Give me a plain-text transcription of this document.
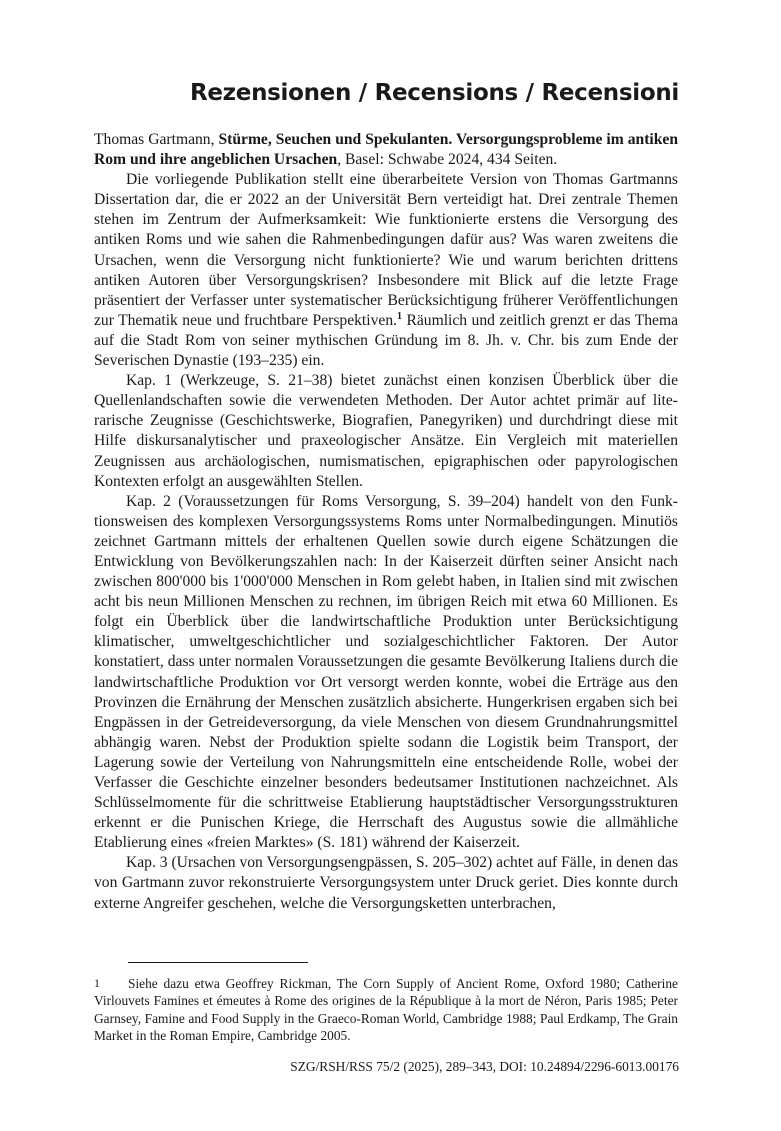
Rezensionen / Recensions / Recensioni

Thomas Gartmann, Stürme, Seuchen und Spekulanten. Versorgungsprobleme im antiken Rom und ihre angeblichen Ursachen, Basel: Schwabe 2024, 434 Seiten.

Die vorliegende Publikation stellt eine überarbeitete Version von Thomas Gartmanns Dissertation dar, die er 2022 an der Universität Bern verteidigt hat. Drei zentrale Themen stehen im Zentrum der Aufmerksamkeit: Wie funktionierte erstens die Versorgung des antiken Roms und wie sahen die Rahmenbedingungen dafür aus? Was waren zweitens die Ursachen, wenn die Versorgung nicht funktionierte? Wie und warum berichten drittens antiken Autoren über Versorgungskrisen? Insbesondere mit Blick auf die letzte Frage präsentiert der Verfasser unter systematischer Berücksichtigung früherer Veröffentlichungen zur Thematik neue und fruchtbare Perspektiven.$^1$ Räumlich und zeitlich grenzt er das Thema auf die Stadt Rom von seiner mythischen Gründung im 8. Jh. v. Chr. bis zum Ende der Severischen Dynastie (193–235) ein.

Kap. 1 (Werkzeuge, S. 21–38) bietet zunächst einen konzisen Überblick über die Quellenlandschaften sowie die verwendeten Methoden. Der Autor achtet primär auf literarische Zeugnisse (Geschichtswerke, Biografien, Panegyriken) und durchdringt diese mit Hilfe diskursanalytischer und praxeologischer Ansätze. Ein Vergleich mit materiellen Zeugnissen aus archäologischen, numismatischen, epigraphischen oder papyrologischen Kontexten erfolgt an ausgewählten Stellen.

Kap. 2 (Voraussetzungen für Roms Versorgung, S. 39–204) handelt von den Funktionsweisen des komplexen Versorgungssystems Roms unter Normalbedingungen. Minutiös zeichnet Gartmann mittels der erhaltenen Quellen sowie durch eigene Schätzungen die Entwicklung von Bevölkerungszahlen nach: In der Kaiserzeit dürften seiner Ansicht nach zwischen 800'000 bis 1'000'000 Menschen in Rom gelebt haben, in Italien sind mit zwischen acht bis neun Millionen Menschen zu rechnen, im übrigen Reich mit etwa 60 Millionen. Es folgt ein Überblick über die landwirtschaftliche Produktion unter Berücksichtigung klimatischer, umweltgeschichtlicher und sozialgeschichtlicher Faktoren. Der Autor konstatiert, dass unter normalen Voraussetzungen die gesamte Bevölkerung Italiens durch die landwirtschaftliche Produktion vor Ort versorgt werden konnte, wobei die Erträge aus den Provinzen die Ernährung der Menschen zusätzlich absicherte. Hungerkrisen ergaben sich bei Engpässen in der Getreideversorgung, da viele Menschen von diesem Grundnahrungsmittel abhängig waren. Nebst der Produktion spielte sodann die Logistik beim Transport, der Lagerung sowie der Verteilung von Nahrungsmitteln eine entscheidende Rolle, wobei der Verfasser die Geschichte einzelner besonders bedeutsamer Institutionen nachzeichnet. Als Schlüsselmomente für die schrittweise Etablierung hauptstädtischer Versorgungsstrukturen erkennt er die Punischen Kriege, die Herrschaft des Augustus sowie die allmähliche Etablierung eines «freien Marktes» (S. 181) während der Kaiserzeit.

Kap. 3 (Ursachen von Versorgungsengpässen, S. 205–302) achtet auf Fälle, in denen das von Gartmann zuvor rekonstruierte Versorgungsystem unter Druck geriet. Dies konnte durch externe Angreifer geschehen, welche die Versorgungsketten unterbrachen,

1	Siehe dazu etwa Geoffrey Rickman, The Corn Supply of Ancient Rome, Oxford 1980; Catherine Virlouvets Famines et émeutes à Rome des origines de la République à la mort de Néron, Paris 1985; Peter Garnsey, Famine and Food Supply in the Graeco-Roman World, Cambridge 1988; Paul Erdkamp, The Grain Market in the Roman Empire, Cambridge 2005.
SZG/RSH/RSS 75/2 (2025), 289–343, DOI: 10.24894/2296-6013.00176
